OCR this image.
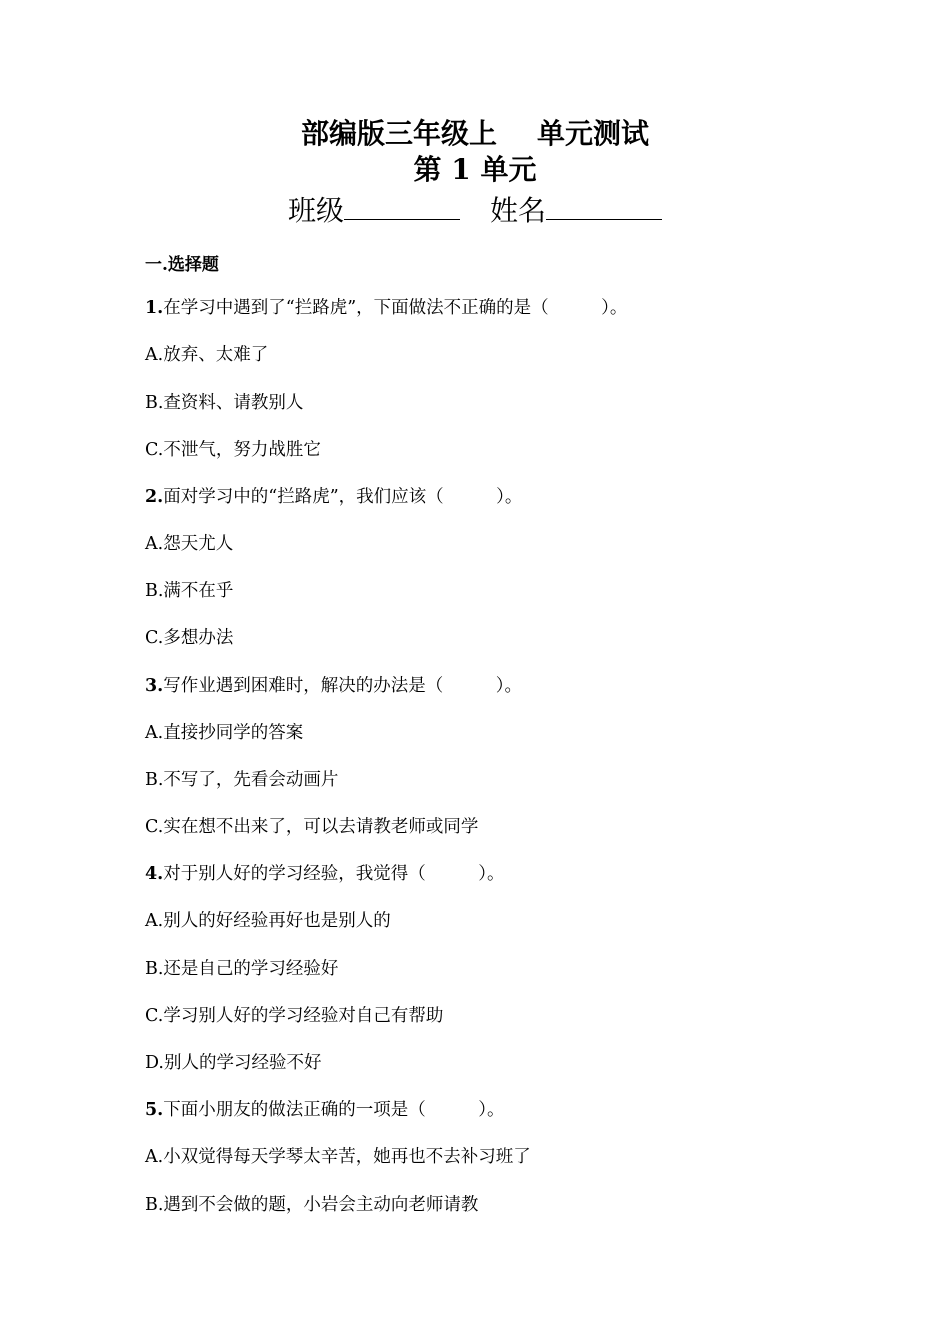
部编版三年级上 单元测试
第 1 单元
班级	姓名
一.选择题
1.在学习中遇到了“拦路虎”，下面做法不正确的是（　　　）。
A.放弃、太难了
B.查资料、请教别人
C.不泄气，努力战胜它
2.面对学习中的“拦路虎”，我们应该（　　　）。
A.怨天尤人
B.满不在乎
C.多想办法
3.写作业遇到困难时，解决的办法是（　　　）。
A.直接抄同学的答案
B.不写了，先看会动画片
C.实在想不出来了，可以去请教老师或同学
4.对于别人好的学习经验，我觉得（　　　）。
A.别人的好经验再好也是别人的
B.还是自己的学习经验好
C.学习别人好的学习经验对自己有帮助
D.别人的学习经验不好
5.下面小朋友的做法正确的一项是（　　　）。
A.小双觉得每天学琴太辛苦，她再也不去补习班了
B.遇到不会做的题，小岩会主动向老师请教
